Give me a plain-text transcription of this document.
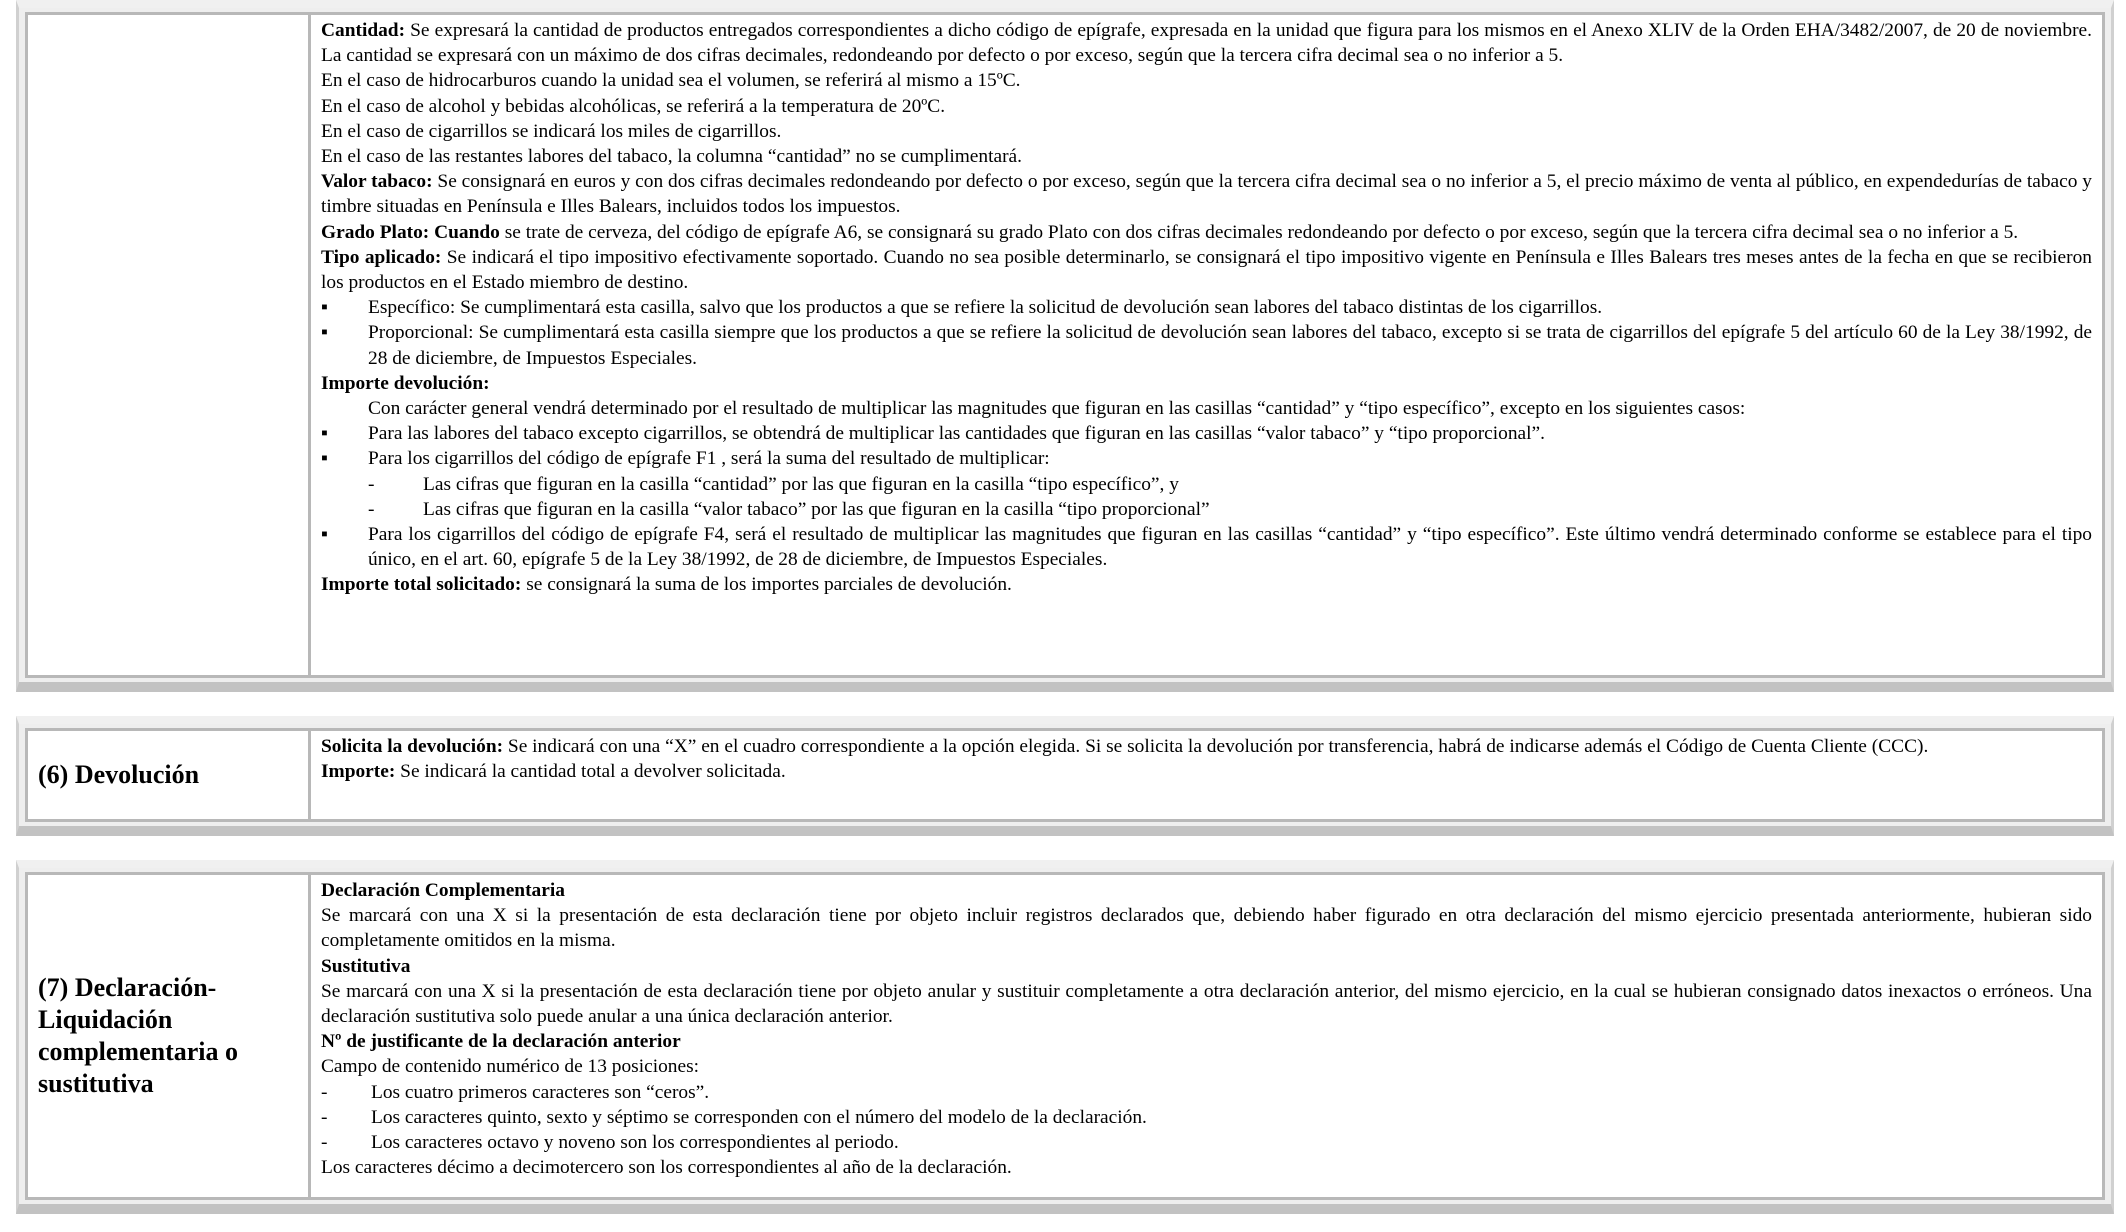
Cantidad: Se expresará la cantidad de productos entregados correspondientes a dicho código de epígrafe, expresada en la unidad que figura para los mismos en el Anexo XLIV de la Orden EHA/3482/2007, de 20 de noviembre. La cantidad se expresará con un máximo de dos cifras decimales, redondeando por defecto o por exceso, según que la tercera cifra decimal sea o no inferior a 5.

En el caso de hidrocarburos cuando la unidad sea el volumen, se referirá al mismo a 15ºC.

En el caso de alcohol y bebidas alcohólicas, se referirá a la temperatura de 20ºC.

En el caso de cigarrillos se indicará los miles de cigarrillos.

En el caso de las restantes labores del tabaco, la columna “cantidad” no se cumplimentará.

Valor tabaco: Se consignará en euros y con dos cifras decimales redondeando por defecto o por exceso, según que la tercera cifra decimal sea o no inferior a 5, el precio máximo de venta al público, en expendedurías de tabaco y timbre situadas en Península e Illes Balears, incluidos todos los impuestos.

Grado Plato: Cuando se trate de cerveza, del código de epígrafe A6, se consignará su grado Plato con dos cifras decimales redondeando por defecto o por exceso, según que la tercera cifra decimal sea o no inferior a 5.

Tipo aplicado: Se indicará el tipo impositivo efectivamente soportado. Cuando no sea posible determinarlo, se consignará el tipo impositivo vigente en Península e Illes Balears tres meses antes de la fecha en que se recibieron los productos en el Estado miembro de destino.

▪ Específico: Se cumplimentará esta casilla, salvo que los productos a que se refiere la solicitud de devolución sean labores del tabaco distintas de los cigarrillos.

▪ Proporcional: Se cumplimentará esta casilla siempre que los productos a que se refiere la solicitud de devolución sean labores del tabaco, excepto si se trata de cigarrillos del epígrafe 5 del artículo 60 de la Ley 38/1992, de 28 de diciembre, de Impuestos Especiales.

Importe devolución:

Con carácter general vendrá determinado por el resultado de multiplicar las magnitudes que figuran en las casillas “cantidad” y “tipo específico”, excepto en los siguientes casos:

▪ Para las labores del tabaco excepto cigarrillos, se obtendrá de multiplicar las cantidades que figuran en las casillas “valor tabaco” y “tipo proporcional”.

▪ Para los cigarrillos del código de epígrafe F1 , será la suma del resultado de multiplicar:

-	Las cifras que figuran en la casilla “cantidad” por las que figuran en la casilla “tipo específico”, y

-	Las cifras que figuran en la casilla “valor tabaco” por las que figuran en la casilla “tipo proporcional”

▪ Para los cigarrillos del código de epígrafe F4, será el resultado de multiplicar las magnitudes que figuran en las casillas “cantidad” y “tipo específico”. Este último vendrá determinado conforme se establece para el tipo único, en el art. 60, epígrafe 5 de la Ley 38/1992, de 28 de diciembre, de Impuestos Especiales.

Importe total solicitado: se consignará la suma de los importes parciales de devolución.

(6) Devolución

Solicita la devolución: Se indicará con una “X” en el cuadro correspondiente a la opción elegida. Si se solicita la devolución por transferencia, habrá de indicarse además el Código de Cuenta Cliente (CCC).

Importe: Se indicará la cantidad total a devolver solicitada.

(7) Declaración-Liquidación complementaria o sustitutiva

Declaración Complementaria

Se marcará con una X si la presentación de esta declaración tiene por objeto incluir registros declarados que, debiendo haber figurado en otra declaración del mismo ejercicio presentada anteriormente, hubieran sido completamente omitidos en la misma.

Sustitutiva

Se marcará con una X si la presentación de esta declaración tiene por objeto anular y sustituir completamente a otra declaración anterior, del mismo ejercicio, en la cual se hubieran consignado datos inexactos o erróneos. Una declaración sustitutiva solo puede anular a una única declaración anterior.

Nº de justificante de la declaración anterior

Campo de contenido numérico de 13 posiciones:

- Los cuatro primeros caracteres son “ceros”.

- Los caracteres quinto, sexto y séptimo se corresponden con el número del modelo de la declaración.

- Los caracteres octavo y noveno son los correspondientes al periodo.

Los caracteres décimo a decimotercero son los correspondientes al año de la declaración.
